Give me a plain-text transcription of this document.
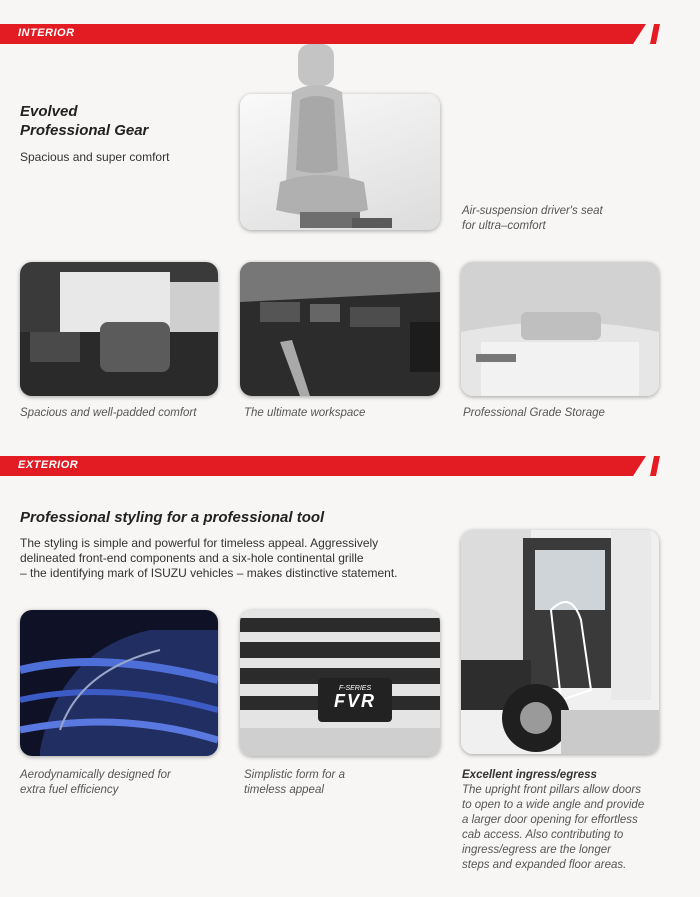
INTERIOR
Evolved
Professional Gear

Spacious and super comfort

Air-suspension driver's seat
for ultra–comfort

Spacious and well-padded comfort	The ultimate workspace	Professional Grade Storage

EXTERIOR
Professional styling for a professional tool

The styling is simple and powerful for timeless appeal. Aggressively
delineated front-end components and a six-hole continental grille
– the identifying mark of ISUZU vehicles – makes distinctive statement.

F-SERIES
FVR

Aerodynamically designed for
extra fuel efficiency

Simplistic form for a
timeless appeal

Excellent ingress/egress
The upright front pillars allow doors
to open to a wide angle and provide
a larger door opening for effortless
cab access. Also contributing to
ingress/egress are the longer
steps and expanded floor areas.
